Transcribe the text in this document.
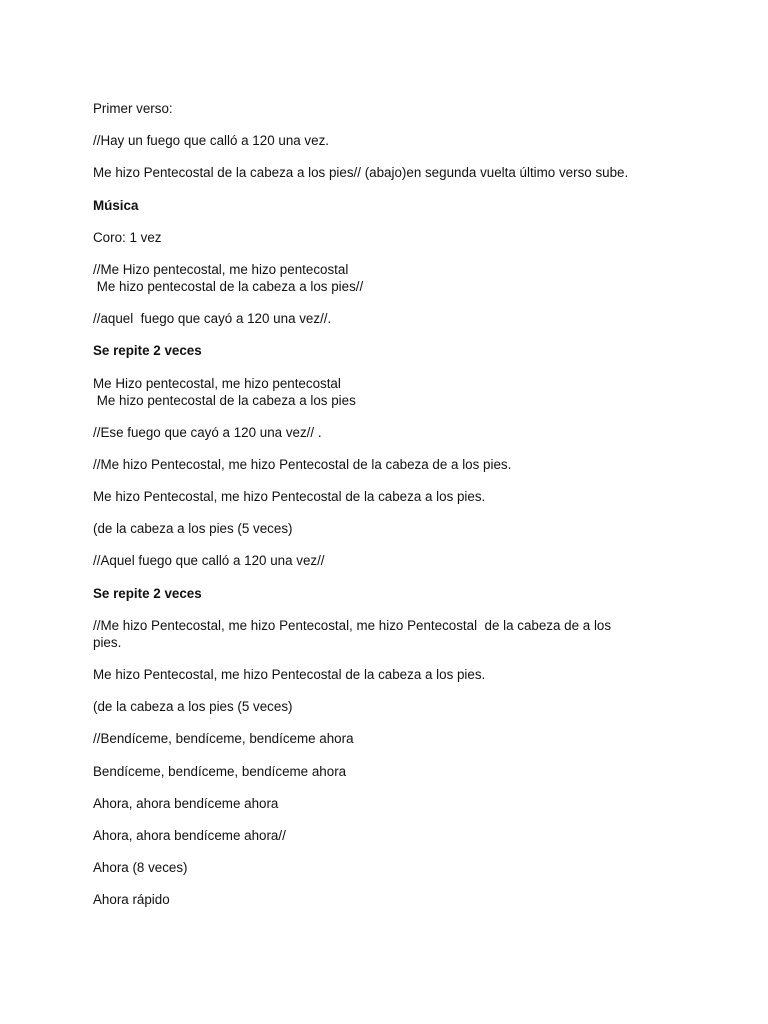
Primer verso:

//Hay un fuego que calló a 120 una vez.

Me hizo Pentecostal de la cabeza a los pies// (abajo)en segunda vuelta último verso sube.

Música

Coro: 1 vez

//Me Hizo pentecostal, me hizo pentecostal
Me hizo pentecostal de la cabeza a los pies//

//aquel  fuego que cayó a 120 una vez//.

Se repite 2 veces

Me Hizo pentecostal, me hizo pentecostal
Me hizo pentecostal de la cabeza a los pies

//Ese fuego que cayó a 120 una vez// .

//Me hizo Pentecostal, me hizo Pentecostal de la cabeza de a los pies.

Me hizo Pentecostal, me hizo Pentecostal de la cabeza a los pies.

(de la cabeza a los pies (5 veces)

//Aquel fuego que calló a 120 una vez//

Se repite 2 veces

//Me hizo Pentecostal, me hizo Pentecostal, me hizo Pentecostal  de la cabeza de a los
pies.

Me hizo Pentecostal, me hizo Pentecostal de la cabeza a los pies.

(de la cabeza a los pies (5 veces)

//Bendíceme, bendíceme, bendíceme ahora

Bendíceme, bendíceme, bendíceme ahora

Ahora, ahora bendíceme ahora

Ahora, ahora bendíceme ahora//

Ahora (8 veces)

Ahora rápido
